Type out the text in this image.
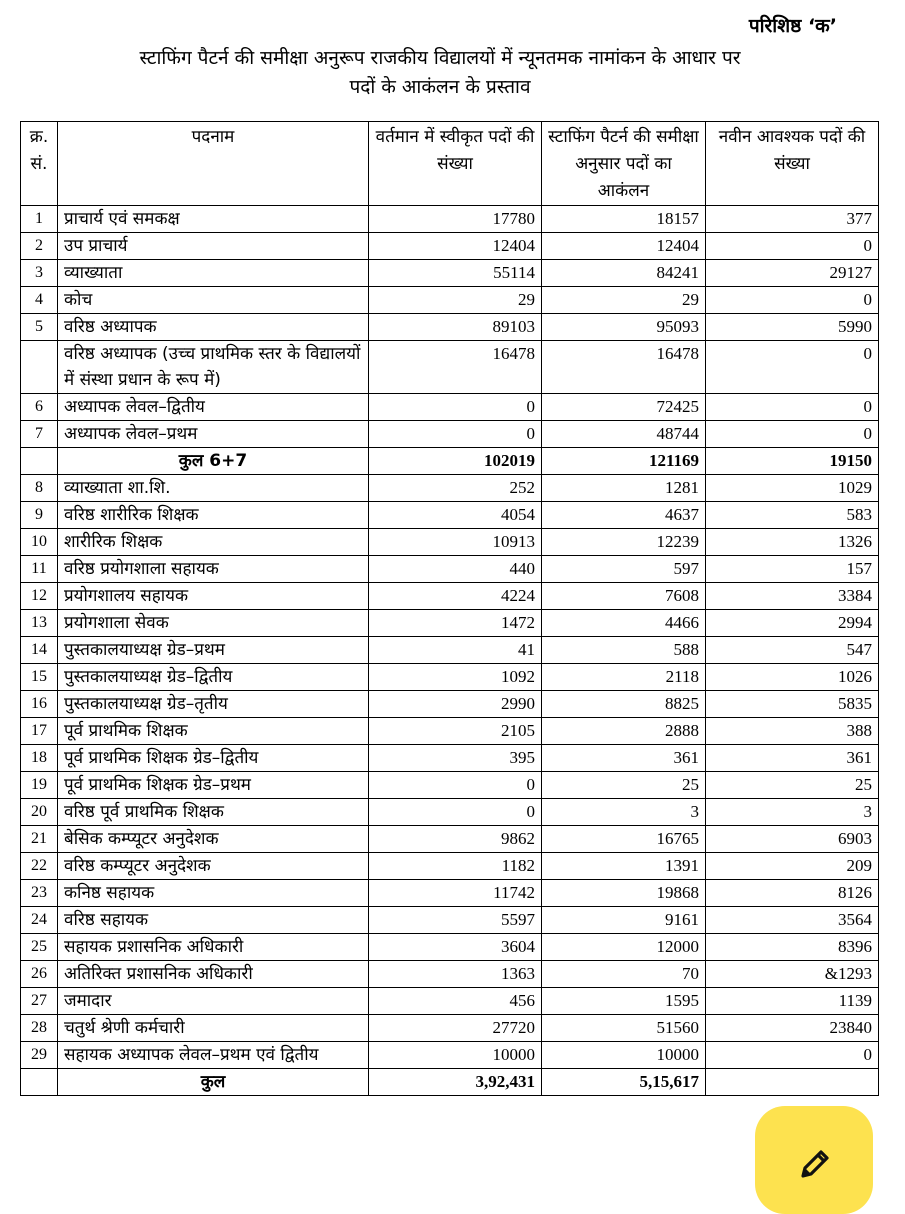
परिशिष्ठ ‘क’
स्टाफिंग पैटर्न की समीक्षा अनुरूप राजकीय विद्यालयों में न्यूनतमक नामांकन के आधार पर
पदों के आकंलन के प्रस्ताव
क्र. सं.	पदनाम	वर्तमान में स्वीकृत पदों की संख्या	स्टाफिंग पैटर्न की समीक्षा अनुसार पदों का आकंलन	नवीन आवश्यक पदों की संख्या
1	प्राचार्य एवं समकक्ष	17780	18157	377
2	उप प्राचार्य	12404	12404	0
3	व्याख्याता	55114	84241	29127
4	कोच	29	29	0
5	वरिष्ठ अध्यापक	89103	95093	5990
	वरिष्ठ अध्यापक (उच्च प्राथमिक स्तर के विद्यालयों में संस्था प्रधान के रूप में)	16478	16478	0
6	अध्यापक लेवल–द्वितीय	0	72425	0
7	अध्यापक लेवल–प्रथम	0	48744	0
	कुल 6+7	102019	121169	19150
8	व्याख्याता शा.शि.	252	1281	1029
9	वरिष्ठ शारीरिक शिक्षक	4054	4637	583
10	शारीरिक शिक्षक	10913	12239	1326
11	वरिष्ठ प्रयोगशाला सहायक	440	597	157
12	प्रयोगशालय सहायक	4224	7608	3384
13	प्रयोगशाला सेवक	1472	4466	2994
14	पुस्तकालयाध्यक्ष ग्रेड–प्रथम	41	588	547
15	पुस्तकालयाध्यक्ष ग्रेड–द्वितीय	1092	2118	1026
16	पुस्तकालयाध्यक्ष ग्रेड–तृतीय	2990	8825	5835
17	पूर्व प्राथमिक शिक्षक	2105	2888	388
18	पूर्व प्राथमिक शिक्षक ग्रेड–द्वितीय	395	361	361
19	पूर्व प्राथमिक शिक्षक ग्रेड–प्रथम	0	25	25
20	वरिष्ठ पूर्व प्राथमिक शिक्षक	0	3	3
21	बेसिक कम्प्यूटर अनुदेशक	9862	16765	6903
22	वरिष्ठ कम्प्यूटर अनुदेशक	1182	1391	209
23	कनिष्ठ सहायक	11742	19868	8126
24	वरिष्ठ सहायक	5597	9161	3564
25	सहायक प्रशासनिक अधिकारी	3604	12000	8396
26	अतिरिक्त प्रशासनिक अधिकारी	1363	70	&1293
27	जमादार	456	1595	1139
28	चतुर्थ श्रेणी कर्मचारी	27720	51560	23840
29	सहायक अध्यापक लेवल–प्रथम एवं द्वितीय	10000	10000	0
	कुल	3,92,431	5,15,617	
